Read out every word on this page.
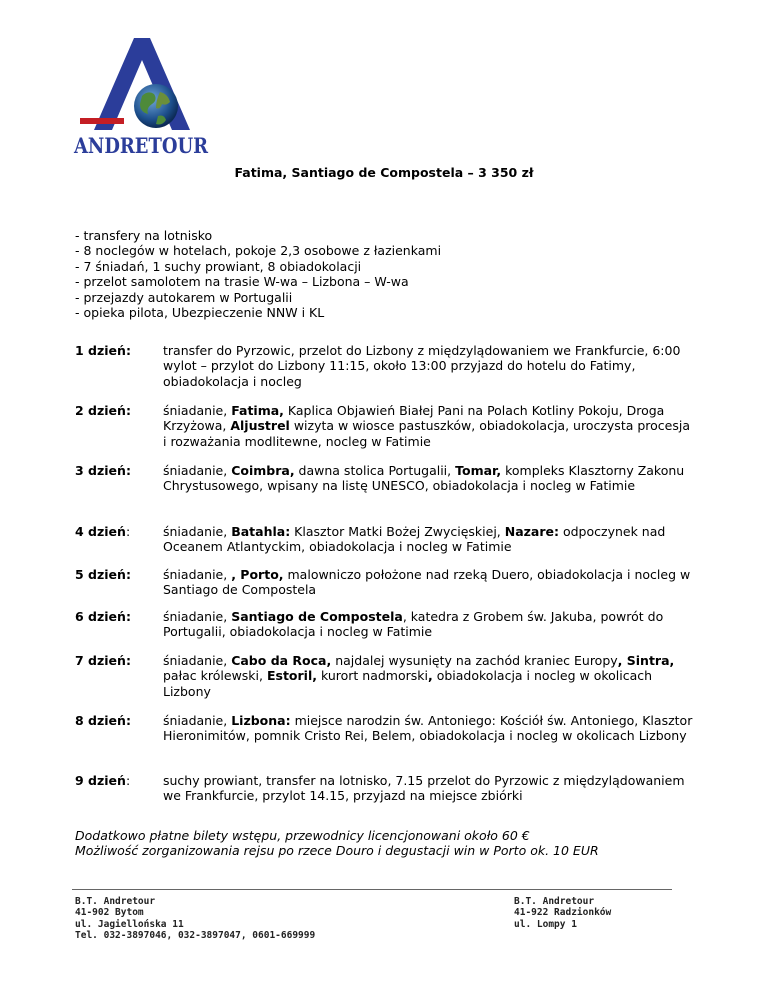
ANDRETOUR
Fatima, Santiago de Compostela – 3 350 zł
- transfery na lotnisko
- 8 noclegów w hotelach, pokoje 2,3 osobowe z łazienkami
- 7 śniadań, 1 suchy prowiant, 8 obiadokolacji
- przelot samolotem na trasie W-wa – Lizbona – W-wa
- przejazdy autokarem w Portugalii
- opieka pilota, Ubezpieczenie NNW i KL
1 dzień:	transfer do Pyrzowic, przelot do Lizbony z międzylądowaniem we Frankfurcie, 6:00 wylot – przylot do Lizbony 11:15, około 13:00 przyjazd do hotelu do Fatimy, obiadokolacja i nocleg
2 dzień:	śniadanie, Fatima, Kaplica Objawień Białej Pani na Polach Kotliny Pokoju, Droga Krzyżowa, Aljustrel wizyta w wiosce pastuszków, obiadokolacja, uroczysta procesja i rozważania modlitewne, nocleg w Fatimie
3 dzień:	śniadanie, Coimbra, dawna stolica Portugalii, Tomar, kompleks Klasztorny Zakonu Chrystusowego, wpisany na listę UNESCO, obiadokolacja i nocleg w Fatimie
4 dzień:	śniadanie, Batahla: Klasztor Matki Bożej Zwycięskiej, Nazare: odpoczynek nad Oceanem Atlantyckim, obiadokolacja i nocleg w Fatimie
5 dzień:	śniadanie, , Porto, malowniczo położone nad rzeką Duero, obiadokolacja i nocleg w Santiago de Compostela
6 dzień:	śniadanie, Santiago de Compostela, katedra z Grobem św. Jakuba, powrót do Portugalii, obiadokolacja i nocleg w Fatimie
7 dzień:	śniadanie, Cabo da Roca, najdalej wysunięty na zachód kraniec Europy, Sintra, pałac królewski, Estoril, kurort nadmorski, obiadokolacja i nocleg w okolicach Lizbony
8 dzień:	śniadanie, Lizbona: miejsce narodzin św. Antoniego: Kościół św. Antoniego, Klasztor Hieronimitów, pomnik Cristo Rei, Belem, obiadokolacja i nocleg w okolicach Lizbony
9 dzień:	suchy prowiant, transfer na lotnisko, 7.15 przelot do Pyrzowic z międzylądowaniem we Frankfurcie, przylot 14.15, przyjazd na miejsce zbiórki
Dodatkowo płatne bilety wstępu, przewodnicy licencjonowani około 60 €
Możliwość zorganizowania rejsu po rzece Douro i degustacji win w Porto ok. 10 EUR
B.T. Andretour
41-902 Bytom
ul. Jagiellońska 11
Tel. 032-3897046, 032-3897047, 0601-669999
B.T. Andretour
41-922 Radzionków
ul. Lompy 1
